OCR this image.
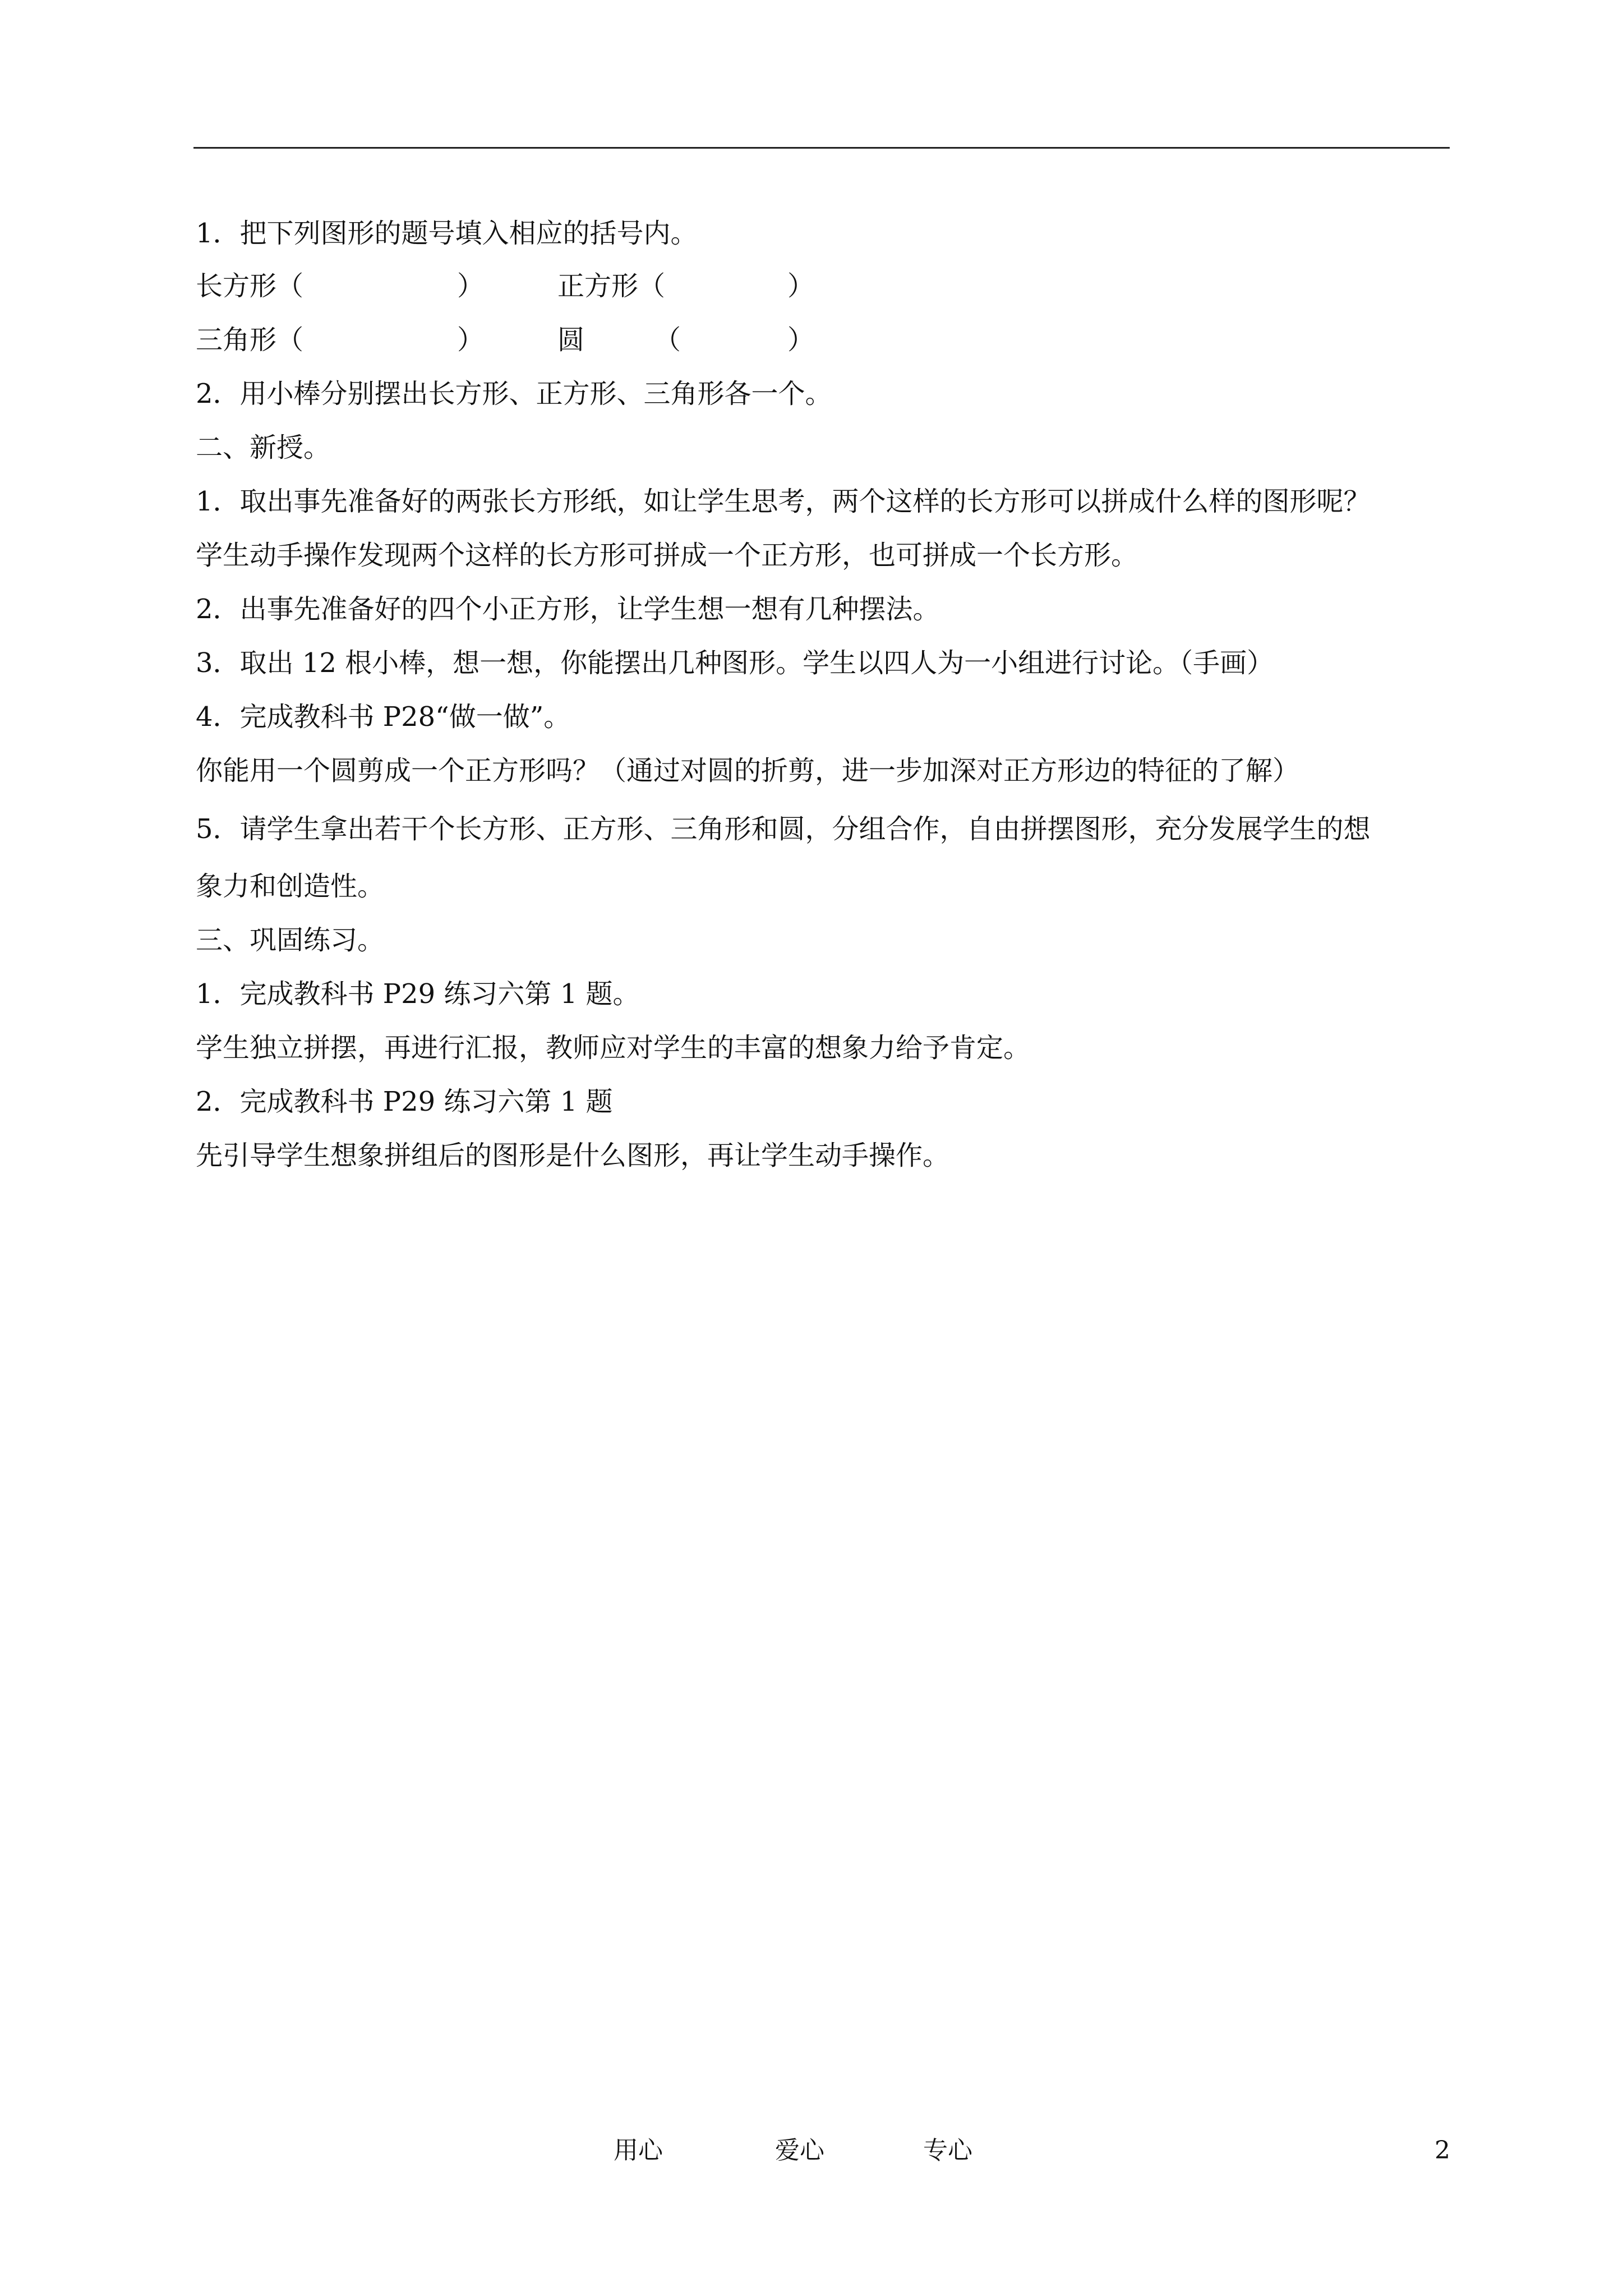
1．把下列图形的题号填入相应的括号内。
长方形（	）	正方形（	）
三角形（	）	圆	（	）
2．用小棒分别摆出长方形、正方形、三角形各一个。
二、新授。
1．取出事先准备好的两张长方形纸，如让学生思考，两个这样的长方形可以拼成什么样的图形呢？
学生动手操作发现两个这样的长方形可拼成一个正方形，也可拼成一个长方形。
2．出事先准备好的四个小正方形，让学生想一想有几种摆法。
3．取出 12 根小棒，想一想，你能摆出几种图形。学生以四人为一小组进行讨论。（手画）
4．完成教科书 P28“做一做”。
你能用一个圆剪成一个正方形吗？（通过对圆的折剪，进一步加深对正方形边的特征的了解）
5．请学生拿出若干个长方形、正方形、三角形和圆，分组合作，自由拼摆图形，充分发展学生的想
象力和创造性。
三、巩固练习。
1．完成教科书 P29 练习六第 1 题。
学生独立拼摆，再进行汇报，教师应对学生的丰富的想象力给予肯定。
2．完成教科书 P29 练习六第 1 题
先引导学生想象拼组后的图形是什么图形，再让学生动手操作。
用心	爱心	专心	2
